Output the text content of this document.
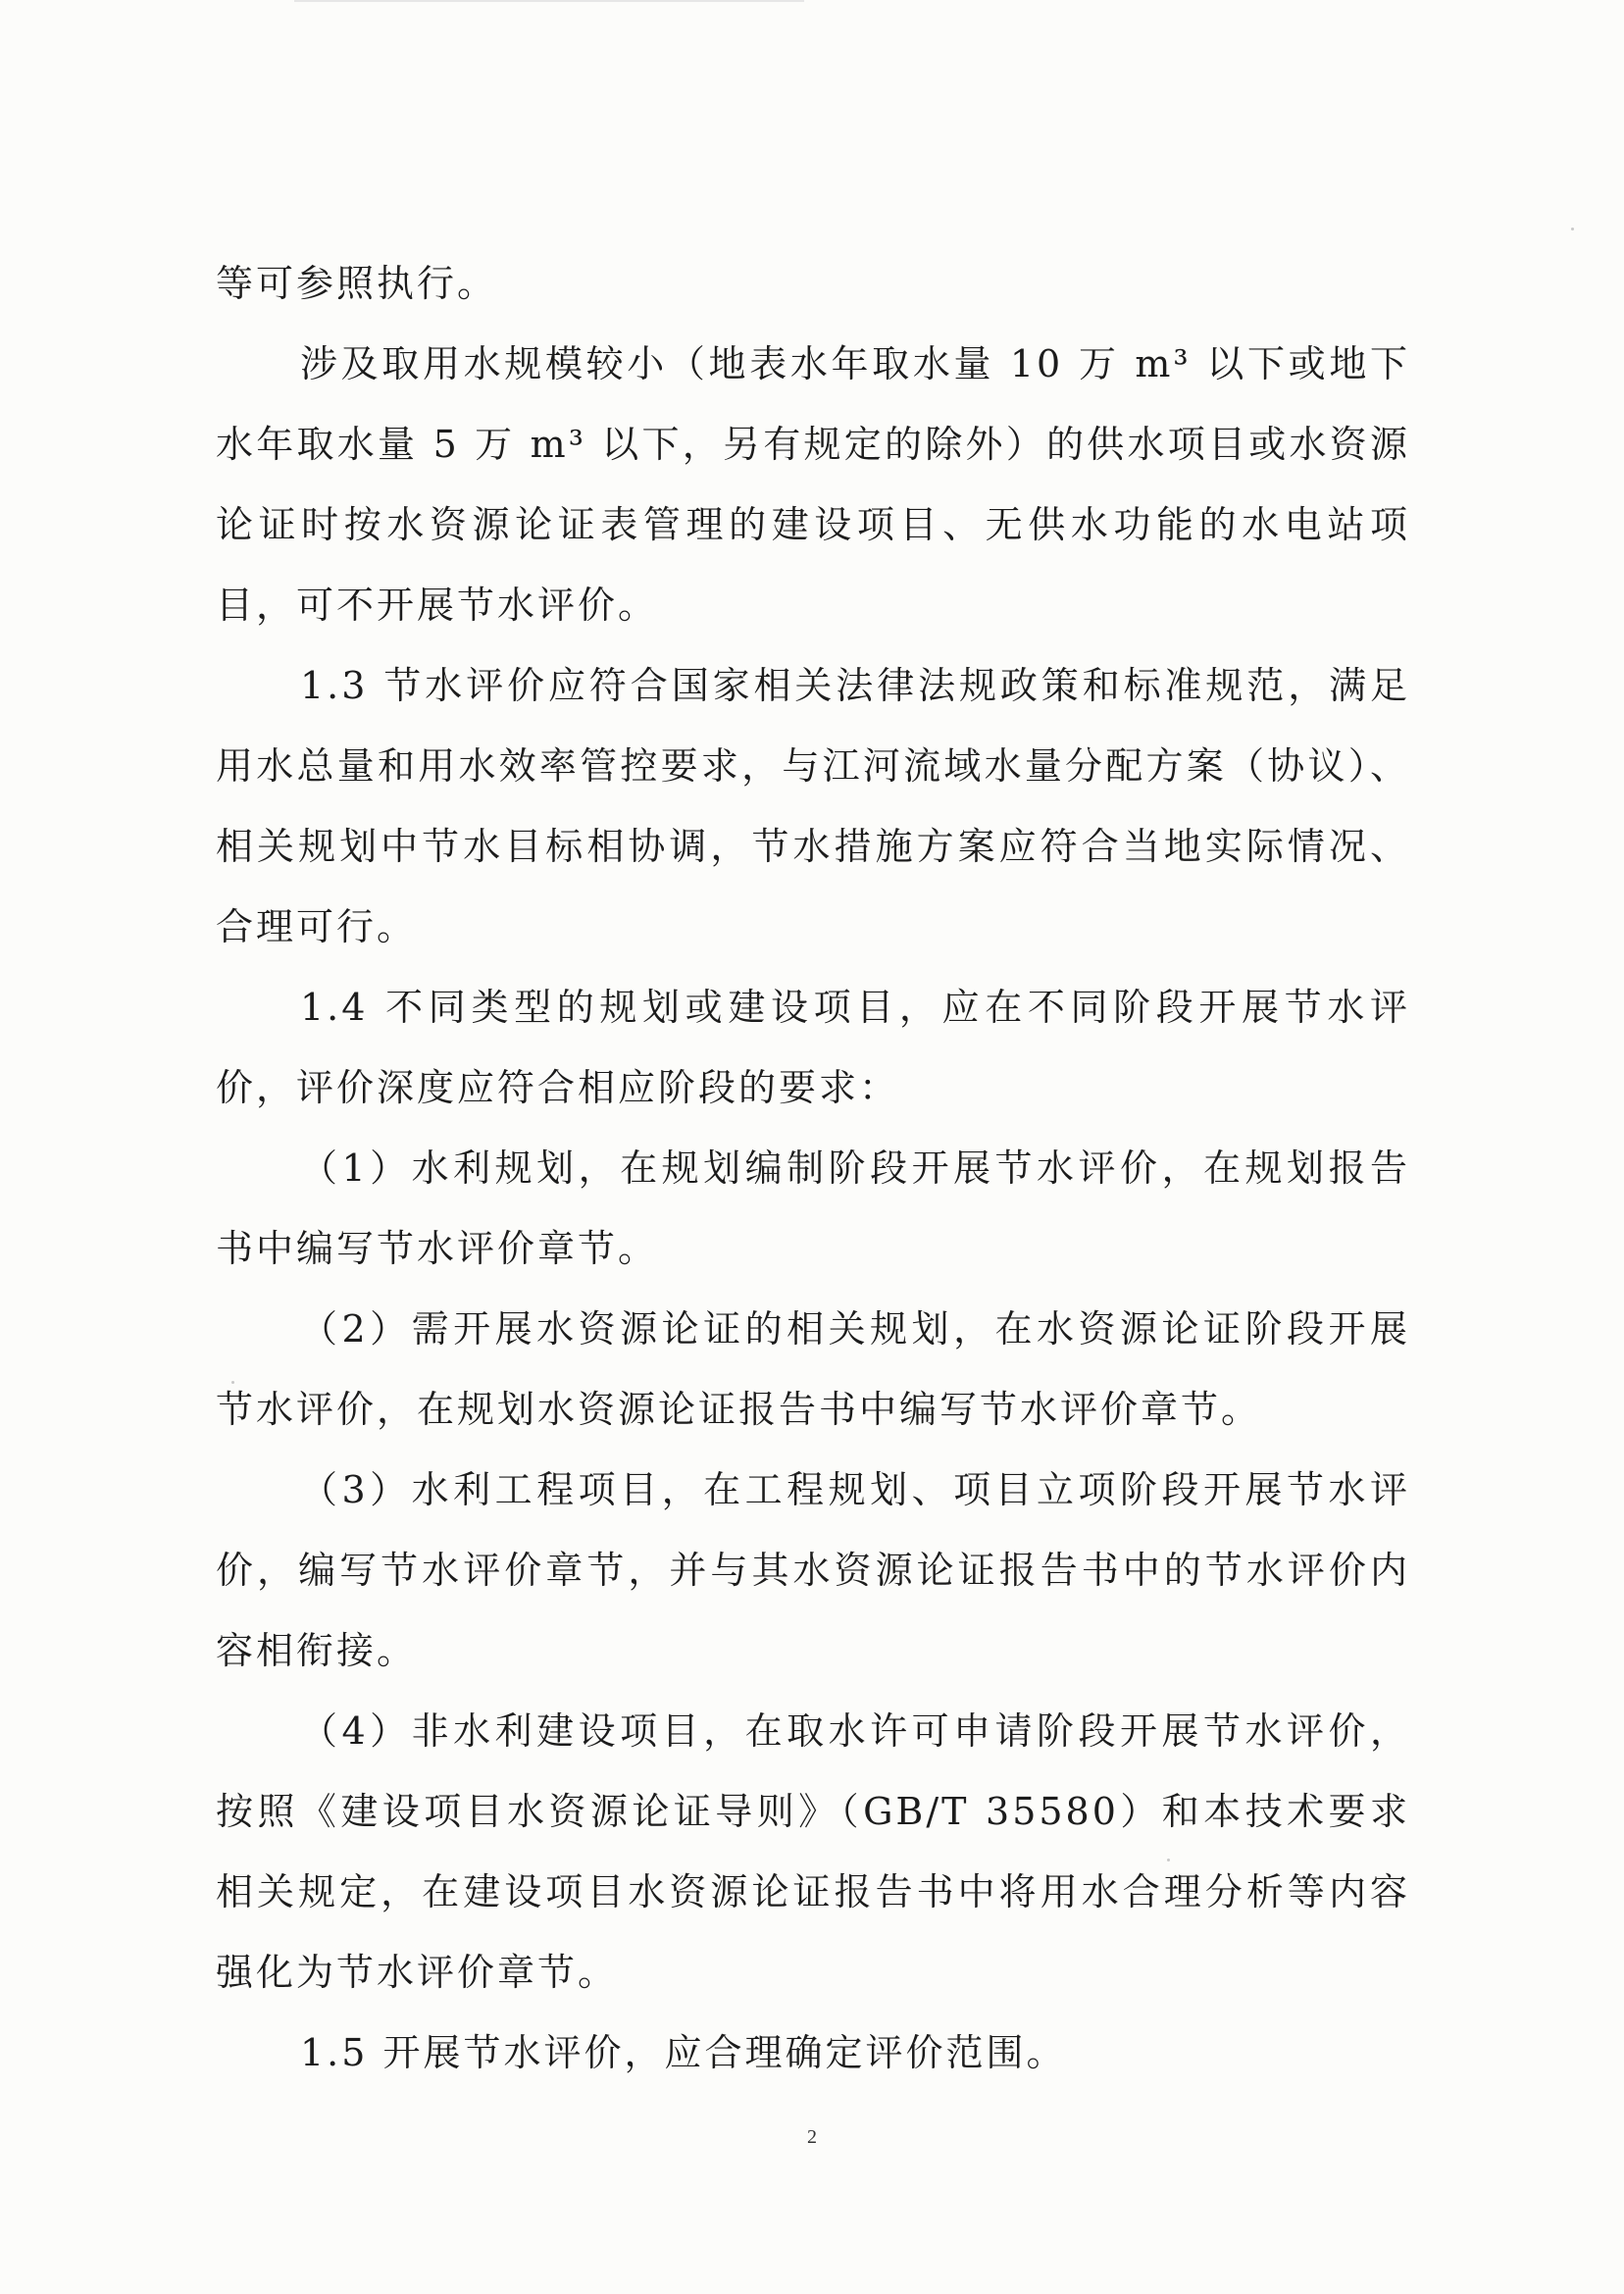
等可参照执行。

涉及取用水规模较小（地表水年取水量 10 万 m³ 以下或地下水年取水量 5 万 m³ 以下，另有规定的除外）的供水项目或水资源论证时按水资源论证表管理的建设项目、无供水功能的水电站项目，可不开展节水评价。

1.3 节水评价应符合国家相关法律法规政策和标准规范，满足用水总量和用水效率管控要求，与江河流域水量分配方案（协议）、相关规划中节水目标相协调，节水措施方案应符合当地实际情况、合理可行。

1.4 不同类型的规划或建设项目，应在不同阶段开展节水评价，评价深度应符合相应阶段的要求：

（1）水利规划，在规划编制阶段开展节水评价，在规划报告书中编写节水评价章节。

（2）需开展水资源论证的相关规划，在水资源论证阶段开展节水评价，在规划水资源论证报告书中编写节水评价章节。

（3）水利工程项目，在工程规划、项目立项阶段开展节水评价，编写节水评价章节，并与其水资源论证报告书中的节水评价内容相衔接。

（4）非水利建设项目，在取水许可申请阶段开展节水评价，按照《建设项目水资源论证导则》（GB/T 35580）和本技术要求相关规定，在建设项目水资源论证报告书中将用水合理分析等内容强化为节水评价章节。

1.5 开展节水评价，应合理确定评价范围。

2
